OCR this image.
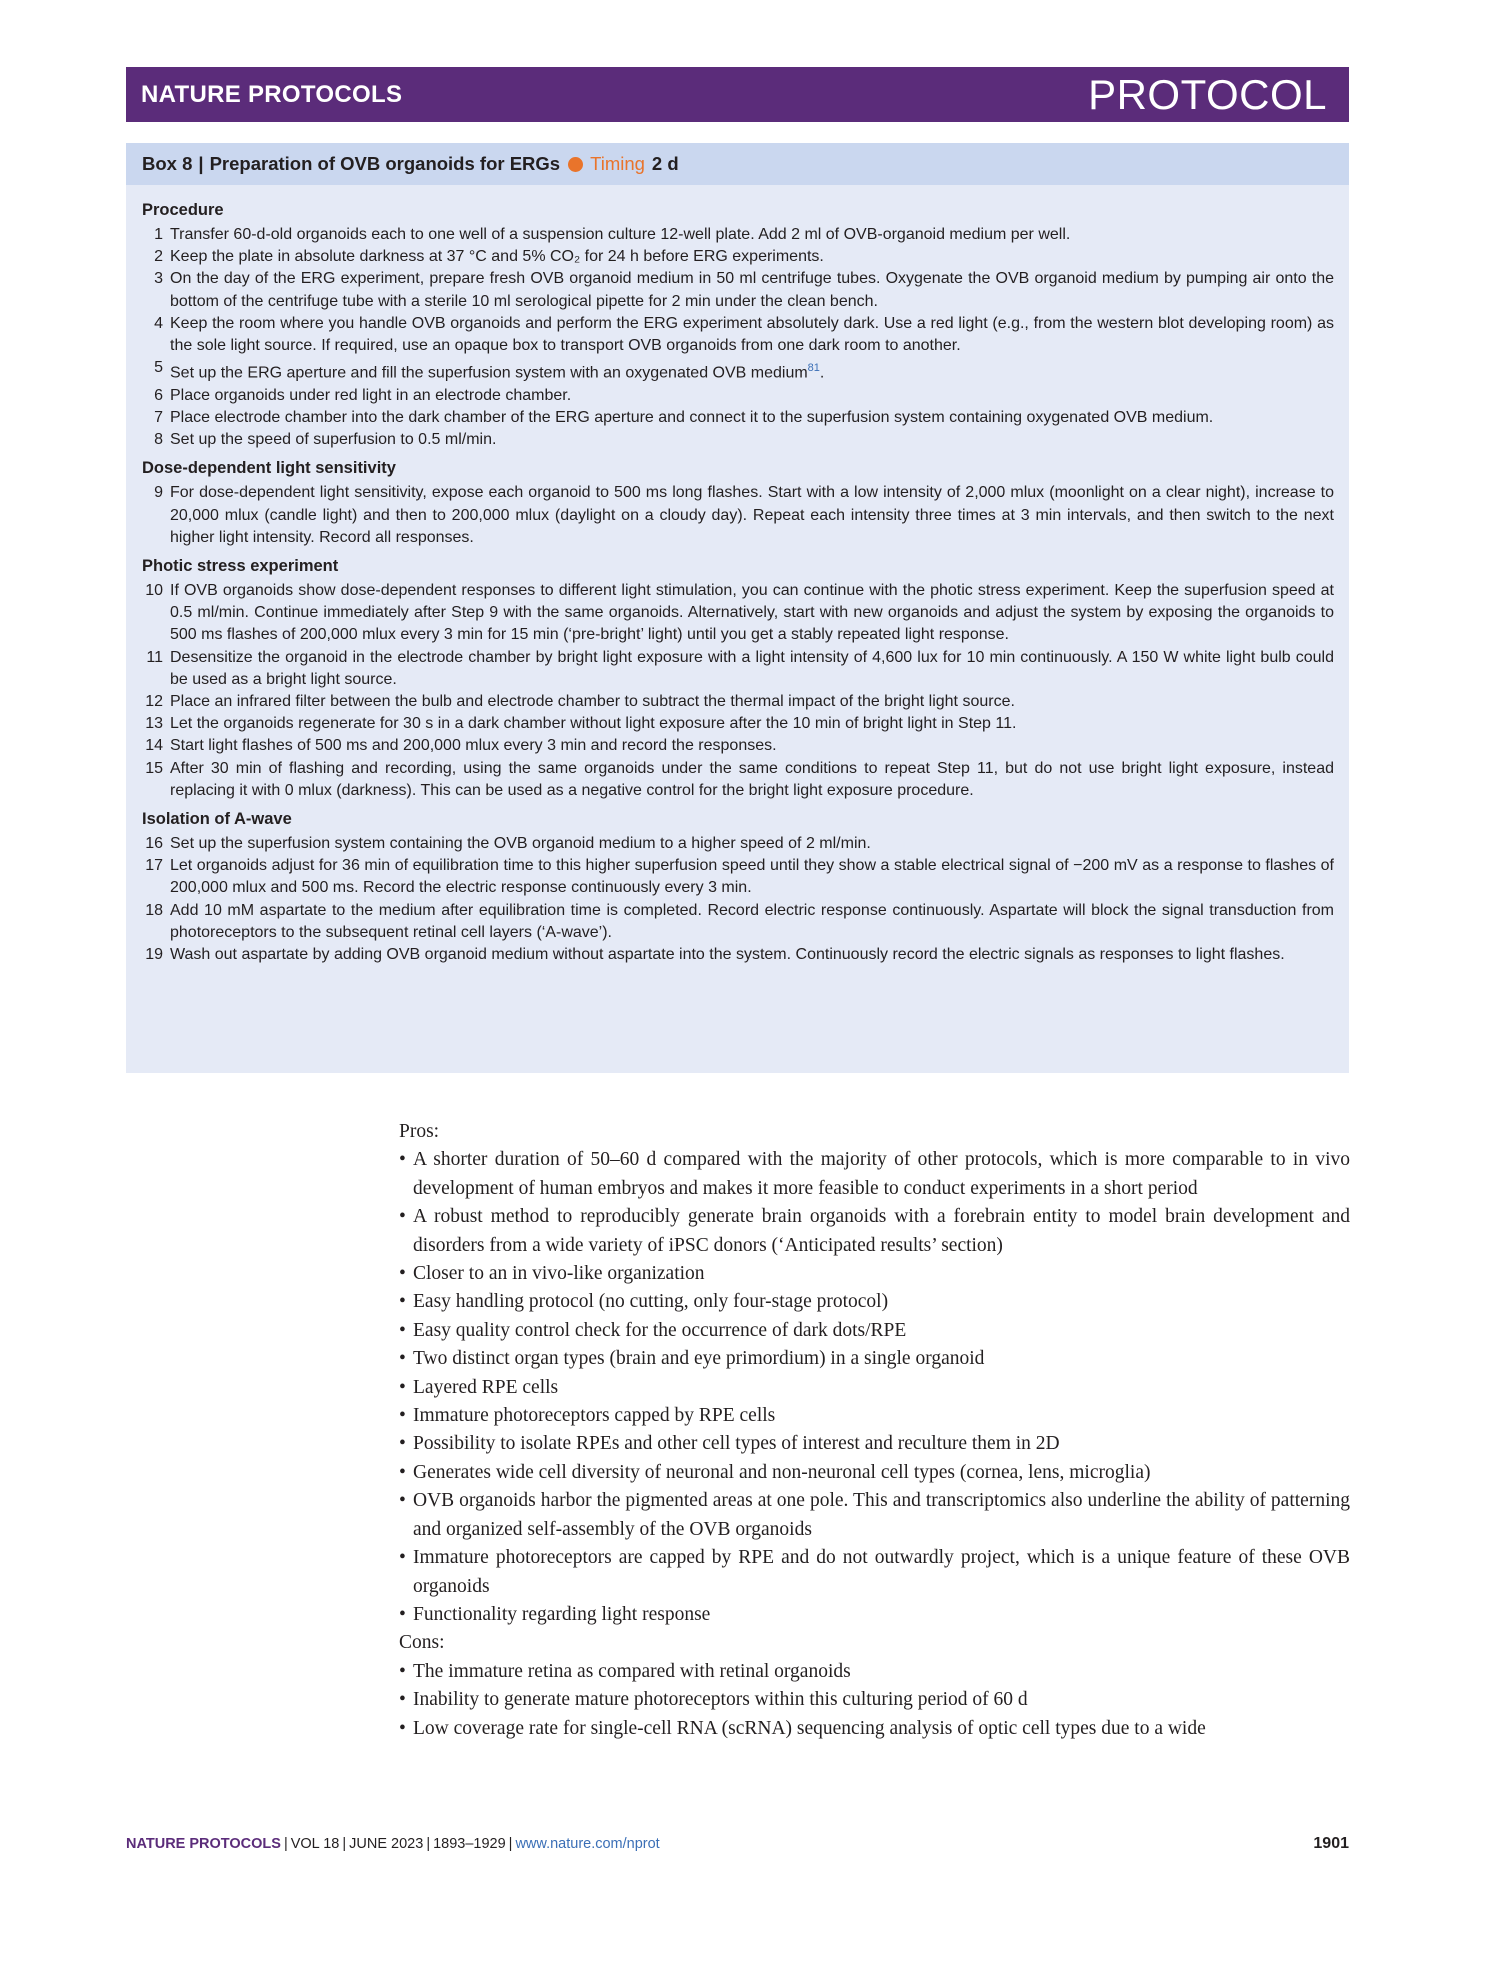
NATURE PROTOCOLS	PROTOCOL
Box 8 | Preparation of OVB organoids for ERGs Timing 2 d
Procedure
1 Transfer 60-d-old organoids each to one well of a suspension culture 12-well plate. Add 2 ml of OVB-organoid medium per well.
2 Keep the plate in absolute darkness at 37 °C and 5% CO₂ for 24 h before ERG experiments.
3 On the day of the ERG experiment, prepare fresh OVB organoid medium in 50 ml centrifuge tubes. Oxygenate the OVB organoid medium by pumping air onto the bottom of the centrifuge tube with a sterile 10 ml serological pipette for 2 min under the clean bench.
4 Keep the room where you handle OVB organoids and perform the ERG experiment absolutely dark. Use a red light (e.g., from the western blot developing room) as the sole light source. If required, use an opaque box to transport OVB organoids from one dark room to another.
5 Set up the ERG aperture and fill the superfusion system with an oxygenated OVB medium$^{81}$.
6 Place organoids under red light in an electrode chamber.
7 Place electrode chamber into the dark chamber of the ERG aperture and connect it to the superfusion system containing oxygenated OVB medium.
8 Set up the speed of superfusion to 0.5 ml/min.
Dose-dependent light sensitivity
9 For dose-dependent light sensitivity, expose each organoid to 500 ms long flashes. Start with a low intensity of 2,000 mlux (moonlight on a clear night), increase to 20,000 mlux (candle light) and then to 200,000 mlux (daylight on a cloudy day). Repeat each intensity three times at 3 min intervals, and then switch to the next higher light intensity. Record all responses.
Photic stress experiment
10 If OVB organoids show dose-dependent responses to different light stimulation, you can continue with the photic stress experiment. Keep the superfusion speed at 0.5 ml/min. Continue immediately after Step 9 with the same organoids. Alternatively, start with new organoids and adjust the system by exposing the organoids to 500 ms flashes of 200,000 mlux every 3 min for 15 min (‘pre-bright’ light) until you get a stably repeated light response.
11 Desensitize the organoid in the electrode chamber by bright light exposure with a light intensity of 4,600 lux for 10 min continuously. A 150 W white light bulb could be used as a bright light source.
12 Place an infrared filter between the bulb and electrode chamber to subtract the thermal impact of the bright light source.
13 Let the organoids regenerate for 30 s in a dark chamber without light exposure after the 10 min of bright light in Step 11.
14 Start light flashes of 500 ms and 200,000 mlux every 3 min and record the responses.
15 After 30 min of flashing and recording, using the same organoids under the same conditions to repeat Step 11, but do not use bright light exposure, instead replacing it with 0 mlux (darkness). This can be used as a negative control for the bright light exposure procedure.
Isolation of A-wave
16 Set up the superfusion system containing the OVB organoid medium to a higher speed of 2 ml/min.
17 Let organoids adjust for 36 min of equilibration time to this higher superfusion speed until they show a stable electrical signal of −200 mV as a response to flashes of 200,000 mlux and 500 ms. Record the electric response continuously every 3 min.
18 Add 10 mM aspartate to the medium after equilibration time is completed. Record electric response continuously. Aspartate will block the signal transduction from photoreceptors to the subsequent retinal cell layers (‘A-wave’).
19 Wash out aspartate by adding OVB organoid medium without aspartate into the system. Continuously record the electric signals as responses to light flashes.
Pros:
• A shorter duration of 50–60 d compared with the majority of other protocols, which is more comparable to in vivo development of human embryos and makes it more feasible to conduct experiments in a short period
• A robust method to reproducibly generate brain organoids with a forebrain entity to model brain development and disorders from a wide variety of iPSC donors (‘Anticipated results’ section)
• Closer to an in vivo-like organization
• Easy handling protocol (no cutting, only four-stage protocol)
• Easy quality control check for the occurrence of dark dots/RPE
• Two distinct organ types (brain and eye primordium) in a single organoid
• Layered RPE cells
• Immature photoreceptors capped by RPE cells
• Possibility to isolate RPEs and other cell types of interest and reculture them in 2D
• Generates wide cell diversity of neuronal and non-neuronal cell types (cornea, lens, microglia)
• OVB organoids harbor the pigmented areas at one pole. This and transcriptomics also underline the ability of patterning and organized self-assembly of the OVB organoids
• Immature photoreceptors are capped by RPE and do not outwardly project, which is a unique feature of these OVB organoids
• Functionality regarding light response
Cons:
• The immature retina as compared with retinal organoids
• Inability to generate mature photoreceptors within this culturing period of 60 d
• Low coverage rate for single-cell RNA (scRNA) sequencing analysis of optic cell types due to a wide
NATURE PROTOCOLS | VOL 18 | JUNE 2023 | 1893–1929 | www.nature.com/nprot	1901
